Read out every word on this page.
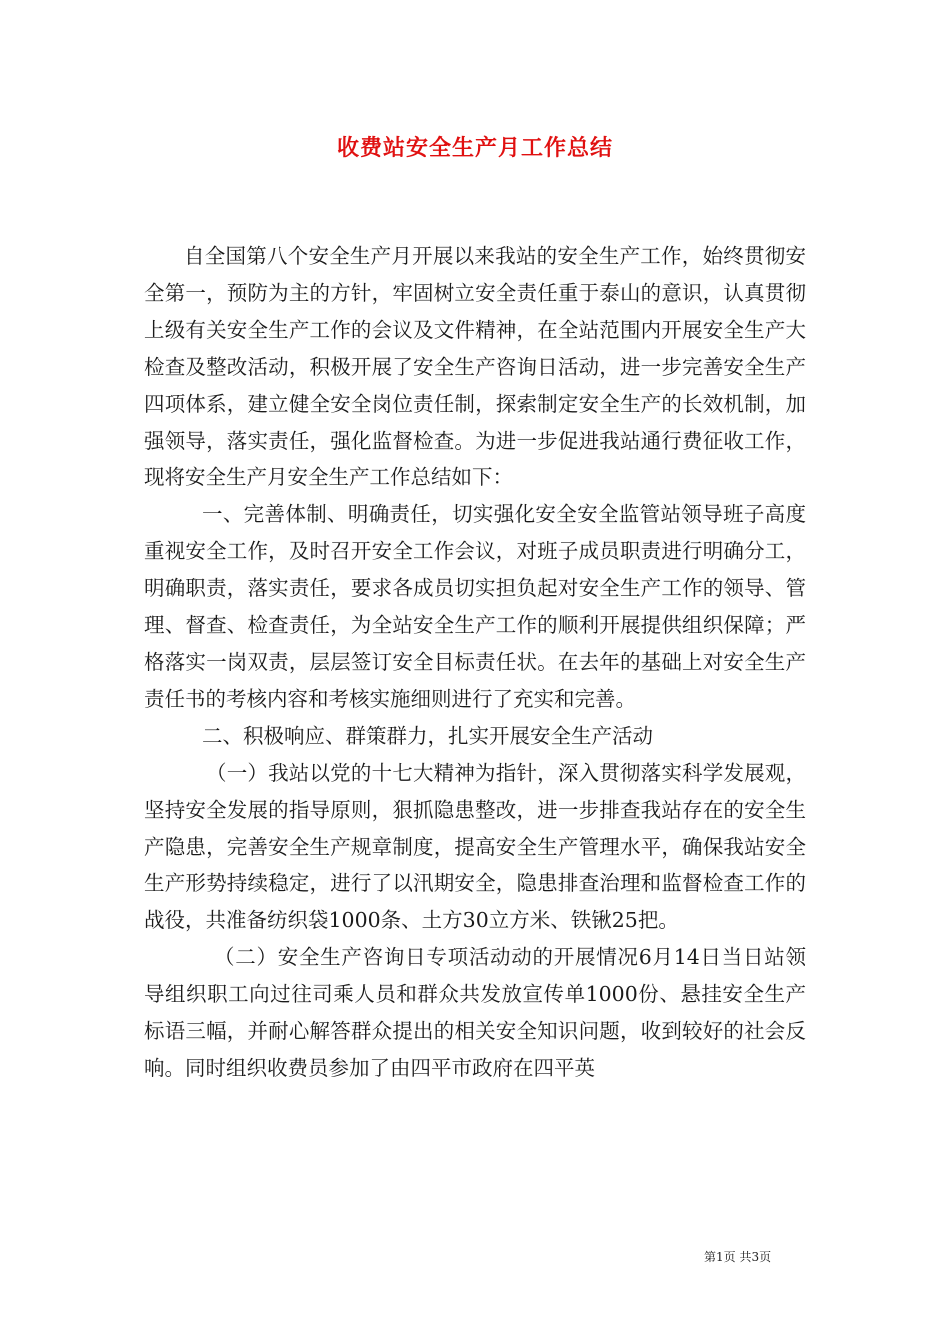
收费站安全生产月工作总结

自全国第八个安全生产月开展以来我站的安全生产工作，始终贯彻安全第一，预防为主的方针，牢固树立安全责任重于泰山的意识，认真贯彻上级有关安全生产工作的会议及文件精神，在全站范围内开展安全生产大检查及整改活动，积极开展了安全生产咨询日活动，进一步完善安全生产四项体系，建立健全安全岗位责任制，探索制定安全生产的长效机制，加强领导，落实责任，强化监督检查。为进一步促进我站通行费征收工作，现将安全生产月安全生产工作总结如下：

一、完善体制、明确责任，切实强化安全安全监管站领导班子高度重视安全工作，及时召开安全工作会议，对班子成员职责进行明确分工，明确职责，落实责任，要求各成员切实担负起对安全生产工作的领导、管理、督查、检查责任，为全站安全生产工作的顺利开展提供组织保障；严格落实一岗双责，层层签订安全目标责任状。在去年的基础上对安全生产责任书的考核内容和考核实施细则进行了充实和完善。

二、积极响应、群策群力，扎实开展安全生产活动

（一）我站以党的十七大精神为指针，深入贯彻落实科学发展观，坚持安全发展的指导原则，狠抓隐患整改，进一步排查我站存在的安全生产隐患，完善安全生产规章制度，提高安全生产管理水平，确保我站安全生产形势持续稳定，进行了以汛期安全，隐患排查治理和监督检查工作的战役，共准备纺织袋1000条、土方30立方米、铁锹25把。

（二）安全生产咨询日专项活动动的开展情况6月14日当日站领导组织职工向过往司乘人员和群众共发放宣传单1000份、悬挂安全生产标语三幅，并耐心解答群众提出的相关安全知识问题，收到较好的社会反响。同时组织收费员参加了由四平市政府在四平英

第1页 共3页
